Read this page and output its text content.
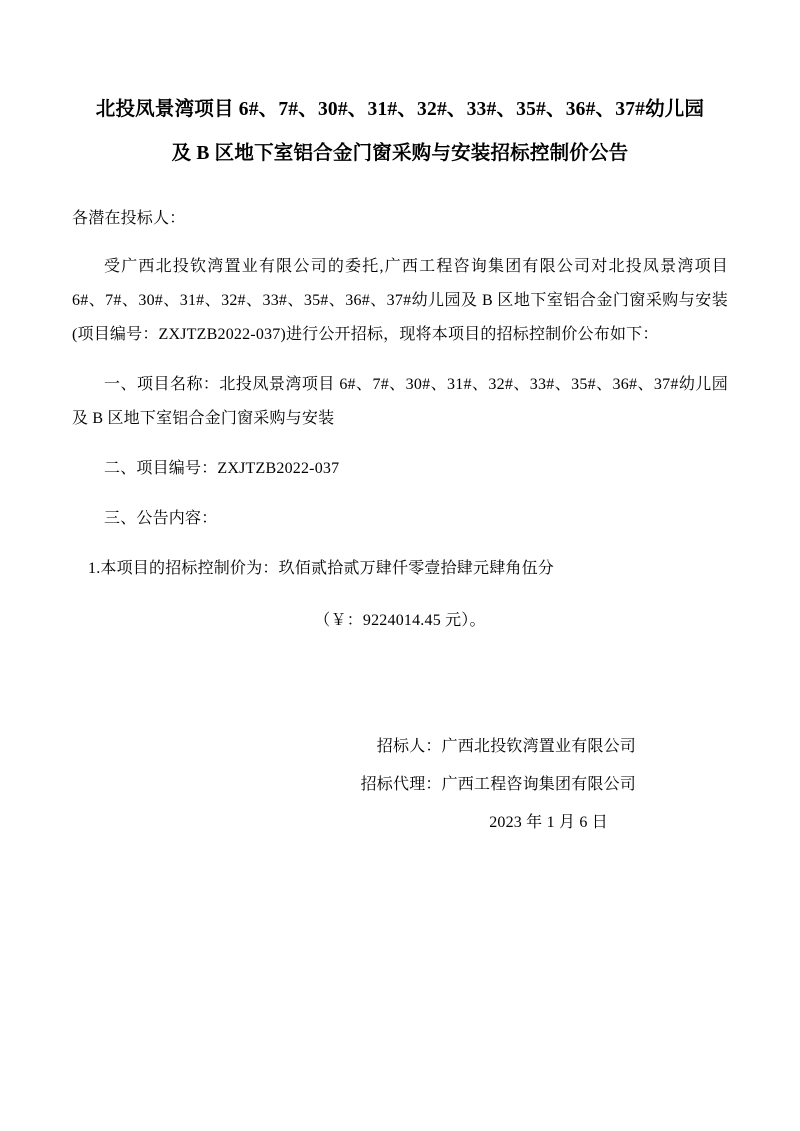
北投凤景湾项目 6#、7#、30#、31#、32#、33#、35#、36#、37#幼儿园
及 B 区地下室铝合金门窗采购与安装招标控制价公告
各潜在投标人：

受广西北投钦湾置业有限公司的委托,广西工程咨询集团有限公司对北投凤景湾项目 6#、7#、30#、31#、32#、33#、35#、36#、37#幼儿园及 B 区地下室铝合金门窗采购与安装(项目编号：ZXJTZB2022-037)进行公开招标，现将本项目的招标控制价公布如下：

一、项目名称：北投凤景湾项目 6#、7#、30#、31#、32#、33#、35#、36#、37#幼儿园及 B 区地下室铝合金门窗采购与安装

二、项目编号：ZXJTZB2022-037

三、公告内容：

1.本项目的招标控制价为：玖佰贰拾贰万肆仟零壹拾肆元肆角伍分

（￥：9224014.45 元）。

招标人：广西北投钦湾置业有限公司
招标代理：广西工程咨询集团有限公司
2023 年 1 月 6 日
